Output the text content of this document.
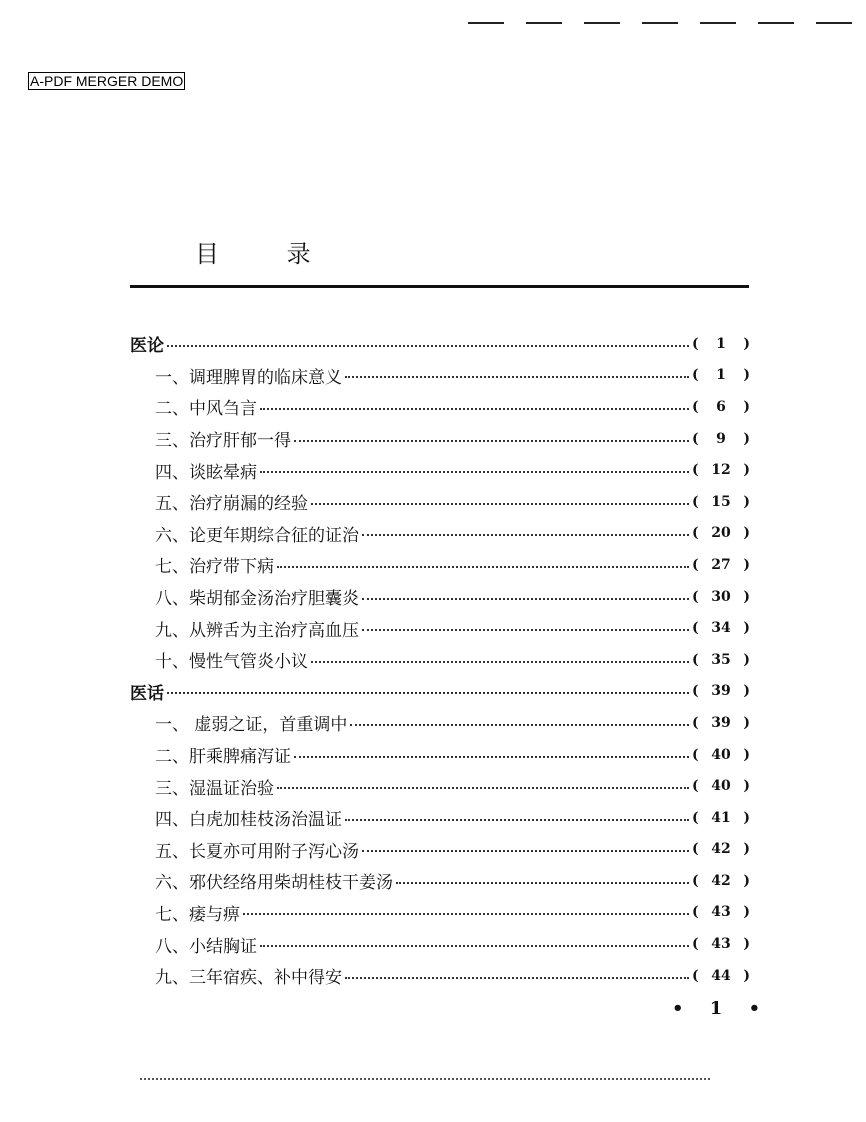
A-PDF MERGER DEMO
目 录
医论	(	1	)
一、调理脾胃的临床意义	(	1	)
二、中风刍言	(	6	)
三、治疗肝郁一得	(	9	)
四、谈眩晕病	( 12 )
五、治疗崩漏的经验	( 15 )
六、论更年期综合征的证治	( 20 )
七、治疗带下病	( 27 )
八、柴胡郁金汤治疗胆囊炎	( 30 )
九、从辨舌为主治疗高血压	( 34 )
十、慢性气管炎小议	( 35 )
医话	( 39 )
一、 虚弱之证，首重调中	( 39 )
二、肝乘脾痛泻证	( 40 )
三、湿温证治验	( 40 )
四、白虎加桂枝汤治温证	( 41 )
五、长夏亦可用附子泻心汤	( 42 )
六、邪伏经络用柴胡桂枝干姜汤	( 42 )
七、痿与痹	( 43 )
八、小结胸证	( 43 )
九、三年宿疾、补中得安	( 44 )
• 1 •
